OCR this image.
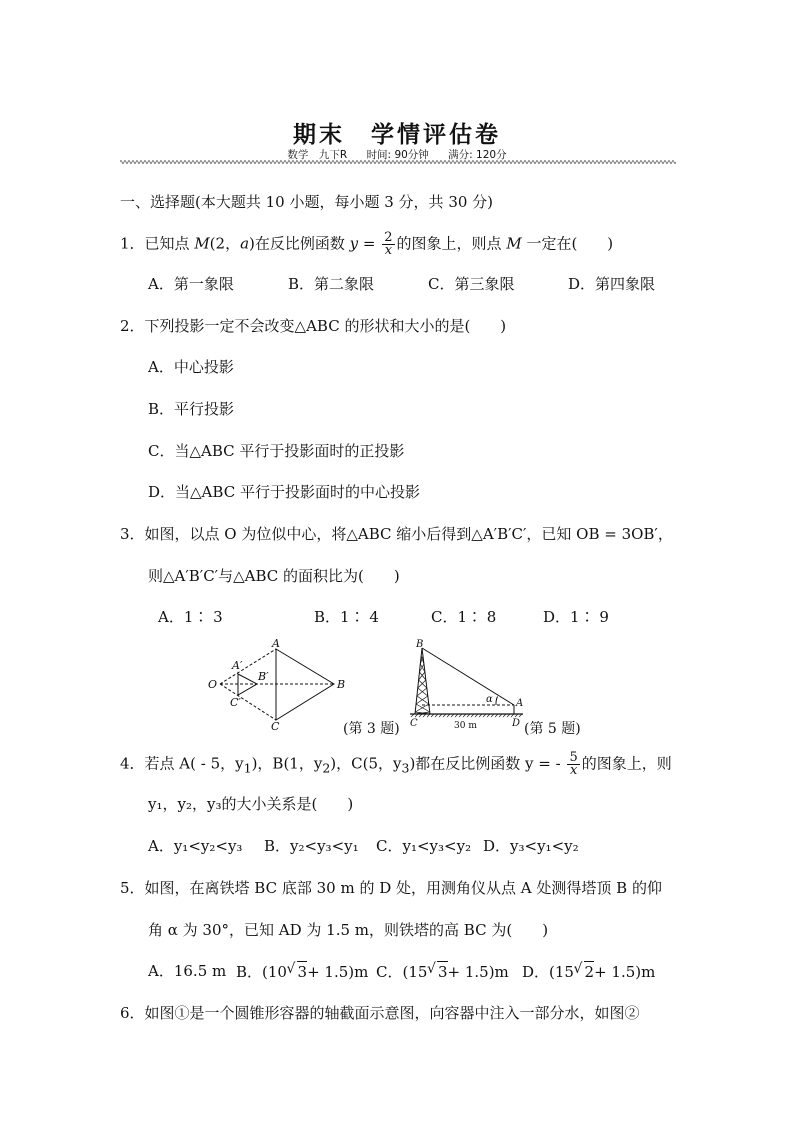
期末　学情评估卷
数学　九下R 时间: 90分钟 满分: 120分
一、选择题(本大题共 10 小题，每小题 3 分，共 30 分)
1．已知点 M(2，a)在反比例函数 $y = \frac{2}{x}$ 的图象上，则点 M 一定在(　　)
A．第一象限	B．第二象限	C．第三象限	D．第四象限
2．下列投影一定不会改变△ABC 的形状和大小的是(　　)
A．中心投影
B．平行投影
C．当△ABC 平行于投影面时的正投影
D．当△ABC 平行于投影面时的中心投影
3．如图，以点 O 为位似中心，将△ABC 缩小后得到△A′B′C′，已知 OB = 3OB′，
则△A′B′C′与△ABC 的面积比为(　　)
A．1∶ 3	B．1∶ 4	C．1∶ 8	D．1∶ 9
O
A
B
C
A′
B′
C′
(第 3 题)
B
C	D
A
α
30 m	(第 5 题)
4．若点 A( - 5，$y_1$)，B(1，$y_2$)，C(5，$y_3$)都在反比例函数 y = - $\frac{5}{x}$ 的图象上，则
y₁，y₂，y₃的大小关系是(　　)
A．y₁<y₂<y₃ B．y₂<y₃<y₁ C．y₁<y₃<y₂ D．y₃<y₁<y₂
5．如图，在离铁塔 BC 底部 30 m 的 D 处，用测角仪从点 A 处测得塔顶 B 的仰
角 α 为 30°，已知 AD 为 1.5 m，则铁塔的高 BC 为(　　)
A．16.5 m B．(10 √ 3+ 1.5)m C．(15 √ 3+ 1.5)m D．(15 √ 2+ 1.5)m
6．如图①是一个圆锥形容器的轴截面示意图，向容器中注入一部分水，如图②
